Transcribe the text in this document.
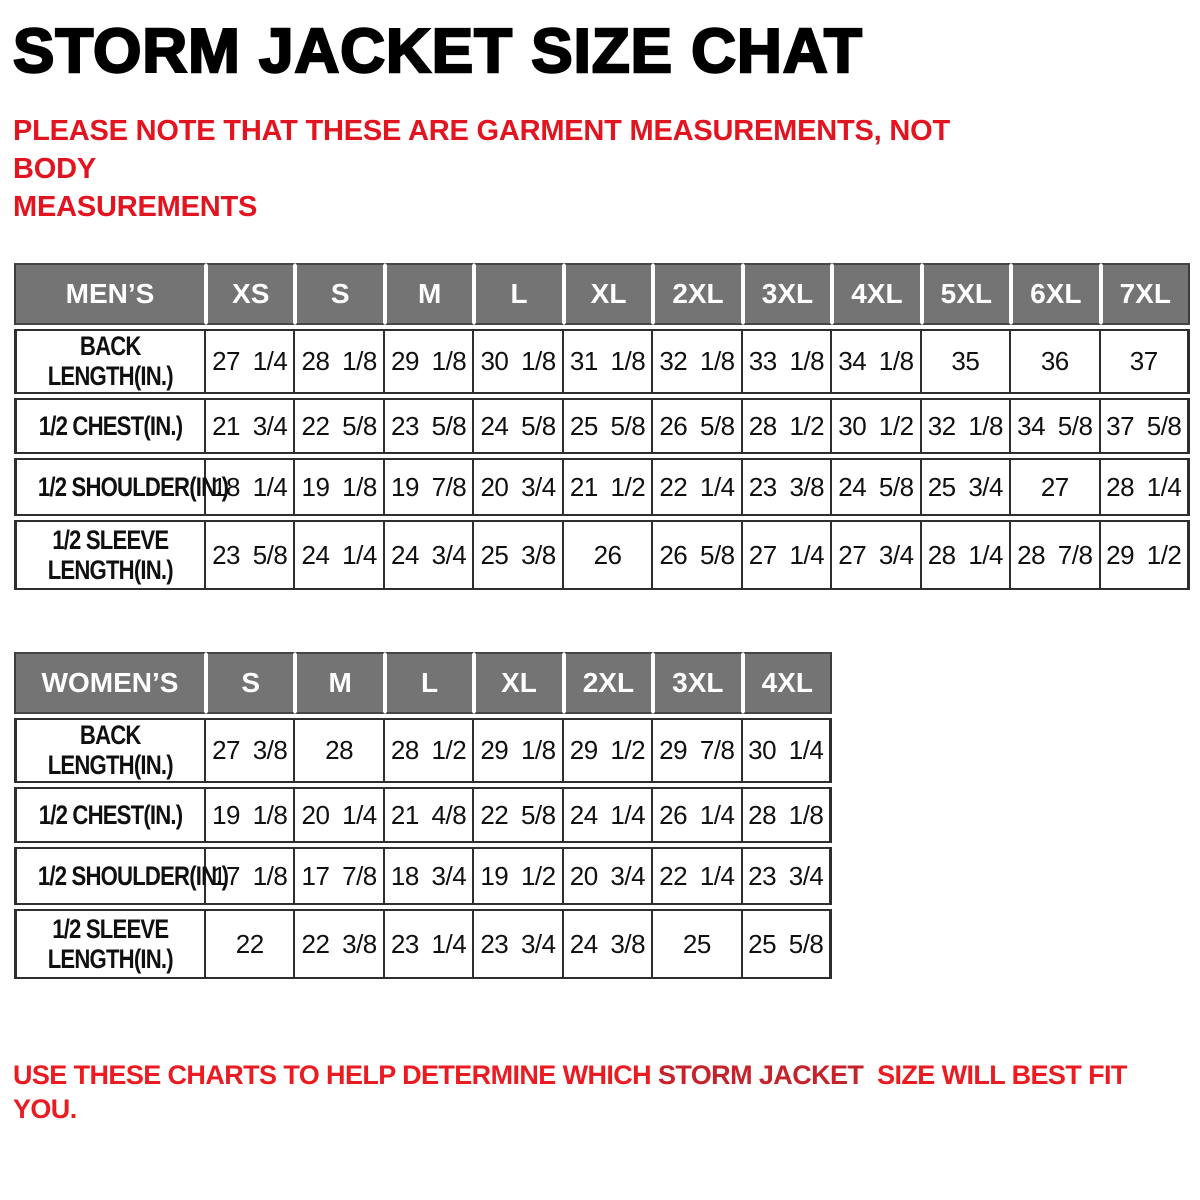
STORM JACKET SIZE CHAT
PLEASE NOTE THAT THESE ARE GARMENT MEASUREMENTS, NOT BODY
MEASUREMENTS
MEN’S	XS	S	M	L	XL	2XL	3XL	4XL	5XL	6XL	7XL
BACK
LENGTH(IN.)	27 1/4	28 1/8	29 1/8	30 1/8	31 1/8	32 1/8	33 1/8	34 1/8	35	36	37
1/2 CHEST(IN.)	21 3/4	22 5/8	23 5/8	24 5/8	25 5/8	26 5/8	28 1/2	30 1/2	32 1/8	34 5/8	37 5/8
1/2 SHOULDER(IN.)	18 1/4	19 1/8	19 7/8	20 3/4	21 1/2	22 1/4	23 3/8	24 5/8	25 3/4	27	28 1/4
1/2 SLEEVE
LENGTH(IN.)	23 5/8	24 1/4	24 3/4	25 3/8	26	26 5/8	27 1/4	27 3/4	28 1/4	28 7/8	29 1/2
WOMEN’S	S	M	L	XL	2XL	3XL	4XL
BACK
LENGTH(IN.)	27 3/8	28	28 1/2	29 1/8	29 1/2	29 7/8	30 1/4
1/2 CHEST(IN.)	19 1/8	20 1/4	21 4/8	22 5/8	24 1/4	26 1/4	28 1/8
1/2 SHOULDER(IN.)	17 1/8	17 7/8	18 3/4	19 1/2	20 3/4	22 1/4	23 3/4
1/2 SLEEVE
LENGTH(IN.)	22	22 3/8	23 1/4	23 3/4	24 3/8	25	25 5/8
USE THESE CHARTS TO HELP DETERMINE WHICH STORM JACKET  SIZE WILL BEST FIT YOU.
